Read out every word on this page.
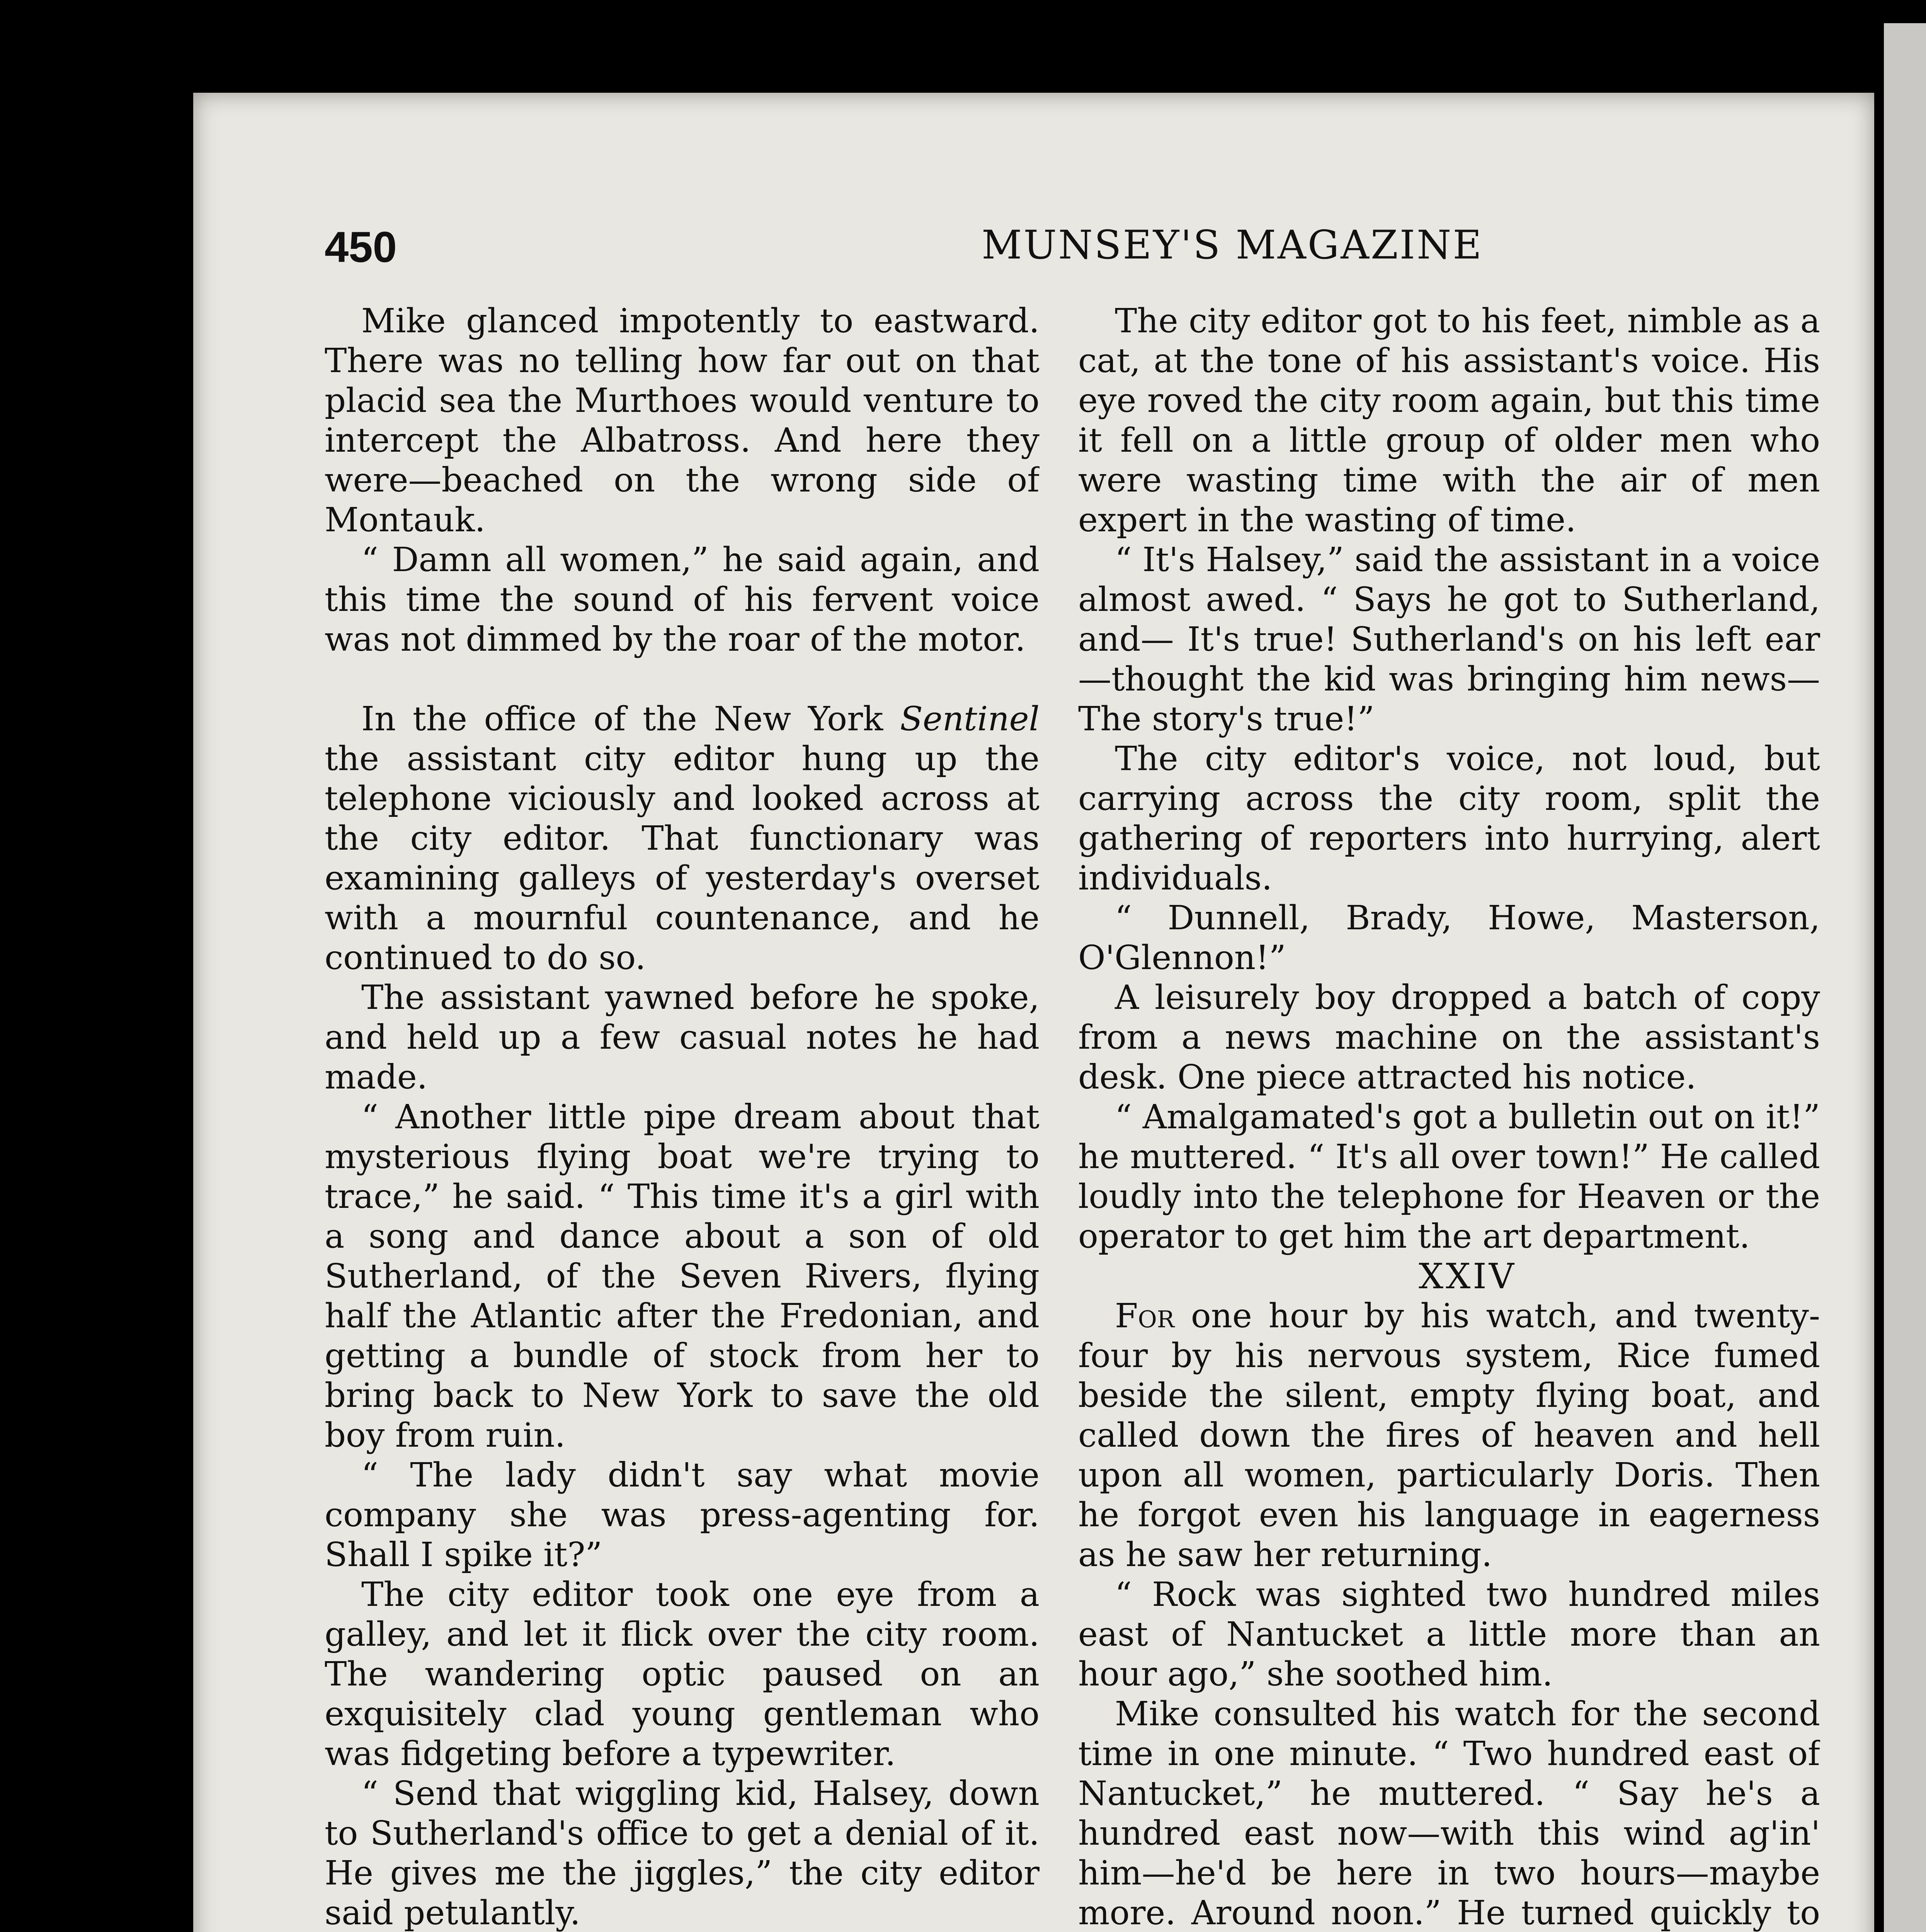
450	MUNSEY'S MAGAZINE

Mike glanced impotently to eastward. There was no telling how far out on that placid sea the Murthoes would venture to intercept the Albatross. And here they were—beached on the wrong side of Montauk.

“ Damn all women,” he said again, and this time the sound of his fervent voice was not dimmed by the roar of the motor.

In the office of the New York Sentinel the assistant city editor hung up the telephone viciously and looked across at the city editor. That functionary was examining galleys of yesterday's overset with a mournful countenance, and he continued to do so.

The assistant yawned before he spoke, and held up a few casual notes he had made.

“ Another little pipe dream about that mysterious flying boat we're trying to trace,” he said. “ This time it's a girl with a song and dance about a son of old Sutherland, of the Seven Rivers, flying half the Atlantic after the Fredonian, and getting a bundle of stock from her to bring back to New York to save the old boy from ruin.

“ The lady didn't say what movie company she was press-agenting for. Shall I spike it?”

The city editor took one eye from a galley, and let it flick over the city room. The wandering optic paused on an exquisitely clad young gentleman who was fidgeting before a typewriter.

“ Send that wiggling kid, Halsey, down to Sutherland's office to get a denial of it. He gives me the jiggles,” the city editor said petulantly.

The city editor got to his feet, nimble as a cat, at the tone of his assistant's voice. His eye roved the city room again, but this time it fell on a little group of older men who were wasting time with the air of men expert in the wasting of time.

“ It's Halsey,” said the assistant in a voice almost awed. “ Says he got to Sutherland, and— It's true! Sutherland's on his left ear—thought the kid was bringing him news— The story's true!”

The city editor's voice, not loud, but carrying across the city room, split the gathering of reporters into hurrying, alert individuals.

“ Dunnell, Brady, Howe, Masterson, O'Glennon!”

A leisurely boy dropped a batch of copy from a news machine on the assistant's desk. One piece attracted his notice.

“ Amalgamated's got a bulletin out on it!” he muttered. “ It's all over town!” He called loudly into the telephone for Heaven or the operator to get him the art department.

XXIV

For one hour by his watch, and twenty-four by his nervous system, Rice fumed beside the silent, empty flying boat, and called down the fires of heaven and hell upon all women, particularly Doris. Then he forgot even his language in eagerness as he saw her returning.

“ Rock was sighted two hundred miles east of Nantucket a little more than an hour ago,” she soothed him.

Mike consulted his watch for the second time in one minute. “ Two hundred east of Nantucket,” he muttered. “ Say he's a hundred east now—with this wind ag'in' him—he'd be here in two hours—maybe more. Around noon.” He turned quickly to
